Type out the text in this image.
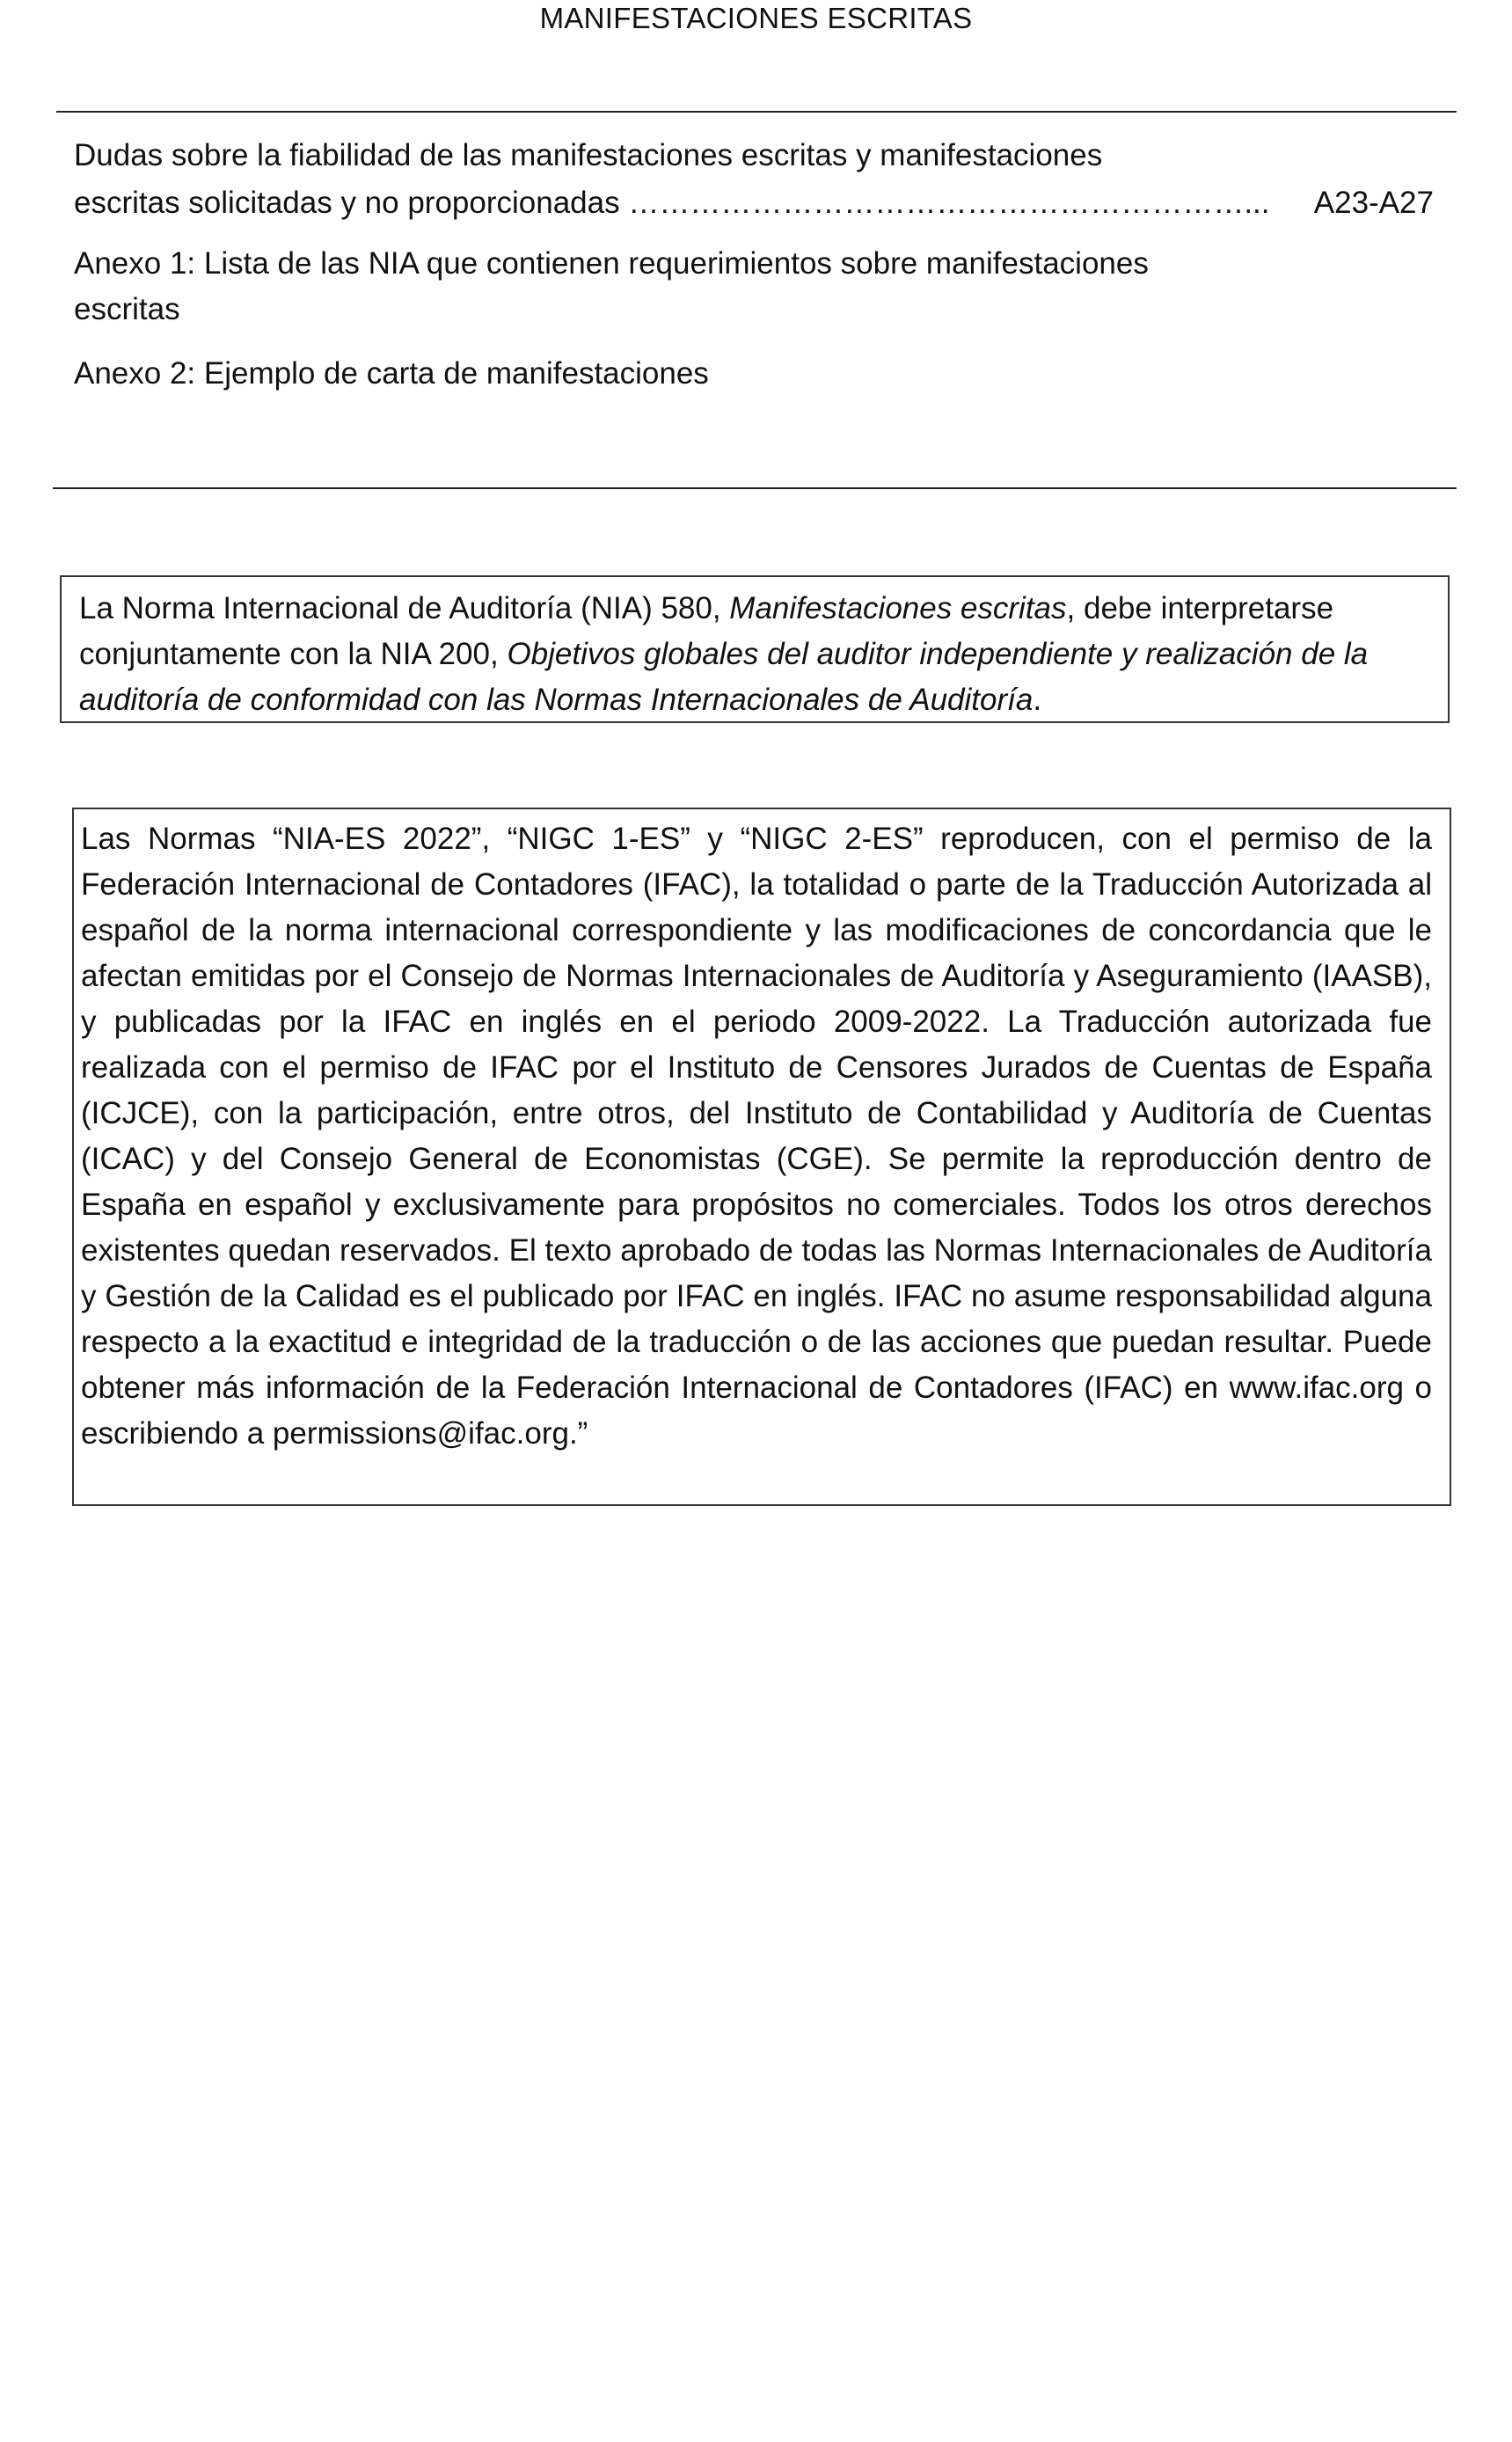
MANIFESTACIONES ESCRITAS
Dudas sobre la fiabilidad de las manifestaciones escritas y manifestaciones
escritas solicitadas y no proporcionadas ……………………………………………………... A23-A27
Anexo 1: Lista de las NIA que contienen requerimientos sobre manifestaciones
escritas
Anexo 2: Ejemplo de carta de manifestaciones
La Norma Internacional de Auditoría (NIA) 580, Manifestaciones escritas, debe interpretarse conjuntamente con la NIA 200, Objetivos globales del auditor independiente y realización de la auditoría de conformidad con las Normas Internacionales de Auditoría.

Las Normas “NIA-ES 2022”, “NIGC 1-ES” y “NIGC 2-ES” reproducen, con el permiso de la Federación Internacional de Contadores (IFAC), la totalidad o parte de la Traducción Autorizada al español de la norma internacional correspondiente y las modificaciones de concordancia que le afectan emitidas por el Consejo de Normas Internacionales de Auditoría y Aseguramiento (IAASB), y publicadas por la IFAC en inglés en el periodo 2009-2022. La Traducción autorizada fue realizada con el permiso de IFAC por el Instituto de Censores Jurados de Cuentas de España (ICJCE), con la participación, entre otros, del Instituto de Contabilidad y Auditoría de Cuentas (ICAC) y del Consejo General de Economistas (CGE). Se permite la reproducción dentro de España en español y exclusivamente para propósitos no comerciales. Todos los otros derechos existentes quedan reservados. El texto aprobado de todas las Normas Internacionales de Auditoría y Gestión de la Calidad es el publicado por IFAC en inglés. IFAC no asume responsabilidad alguna respecto a la exactitud e integridad de la traducción o de las acciones que puedan resultar. Puede obtener más información de la Federación Internacional de Contadores (IFAC) en www.ifac.org o escribiendo a permissions@ifac.org.”
